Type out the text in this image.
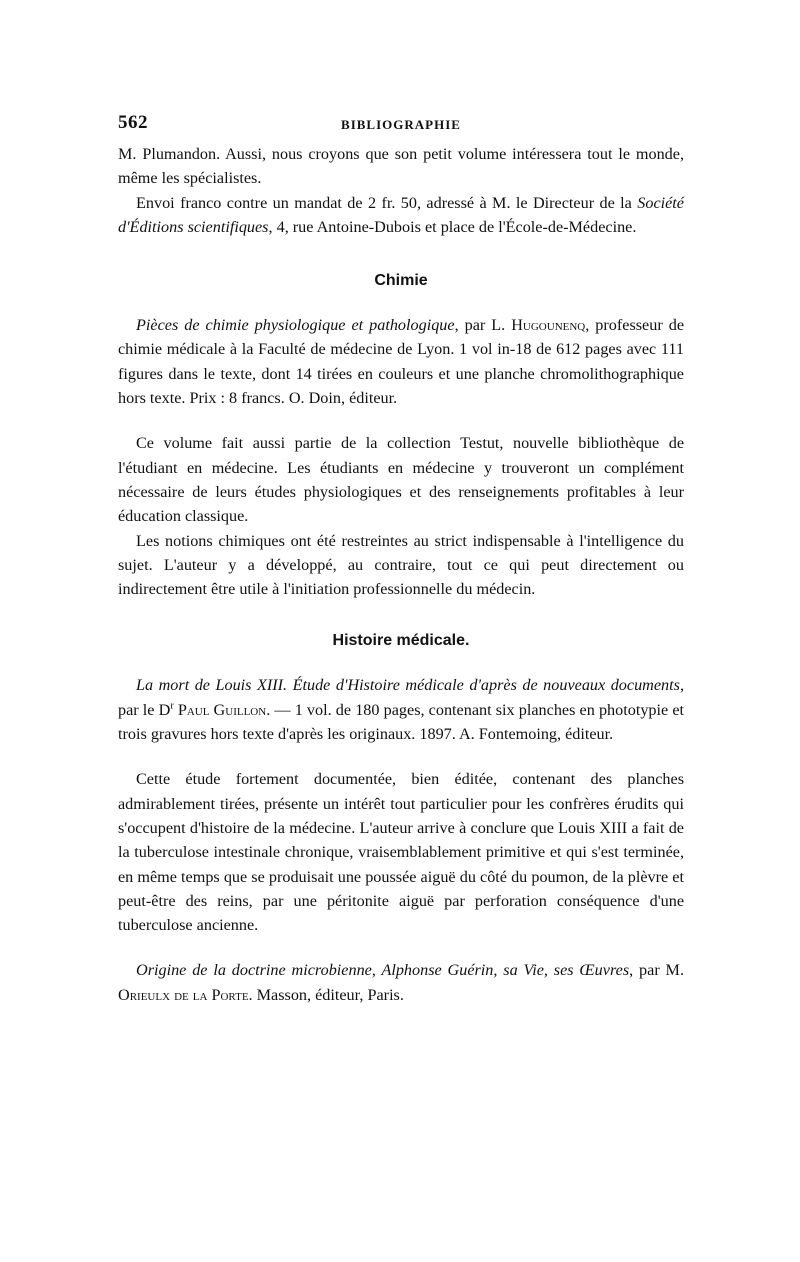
562	BIBLIOGRAPHIE

M. Plumandon. Aussi, nous croyons que son petit volume intéressera tout le monde, même les spécialistes.

Envoi franco contre un mandat de 2 fr. 50, adressé à M. le Directeur de la Société d'Éditions scientifiques, 4, rue Antoine-Dubois et place de l'École-de-Médecine.

Chimie

Pièces de chimie physiologique et pathologique, par L. Hugounenq, professeur de chimie médicale à la Faculté de médecine de Lyon. 1 vol in-18 de 612 pages avec 111 figures dans le texte, dont 14 tirées en couleurs et une planche chromolithographique hors texte. Prix : 8 francs. O. Doin, éditeur.

Ce volume fait aussi partie de la collection Testut, nouvelle bibliothèque de l'étudiant en médecine. Les étudiants en médecine y trouveront un complément nécessaire de leurs études physiologiques et des renseignements profitables à leur éducation classique.

Les notions chimiques ont été restreintes au strict indispensable à l'intelligence du sujet. L'auteur y a développé, au contraire, tout ce qui peut directement ou indirectement être utile à l'initiation professionnelle du médecin.

Histoire médicale.

La mort de Louis XIII. Étude d'Histoire médicale d'après de nouveaux documents, par le $D^r$ Paul Guillon. — 1 vol. de 180 pages, contenant six planches en phototypie et trois gravures hors texte d'après les originaux. 1897. A. Fontemoing, éditeur.

Cette étude fortement documentée, bien éditée, contenant des planches admirablement tirées, présente un intérêt tout particulier pour les confrères érudits qui s'occupent d'histoire de la médecine. L'auteur arrive à conclure que Louis XIII a fait de la tuberculose intestinale chronique, vraisemblablement primitive et qui s'est terminée, en même temps que se produisait une poussée aiguë du côté du poumon, de la plèvre et peut-être des reins, par une péritonite aiguë par perforation conséquence d'une tuberculose ancienne.

Origine de la doctrine microbienne, Alphonse Guérin, sa Vie, ses Œuvres, par M. Orieulx de la Porte. Masson, éditeur, Paris.
